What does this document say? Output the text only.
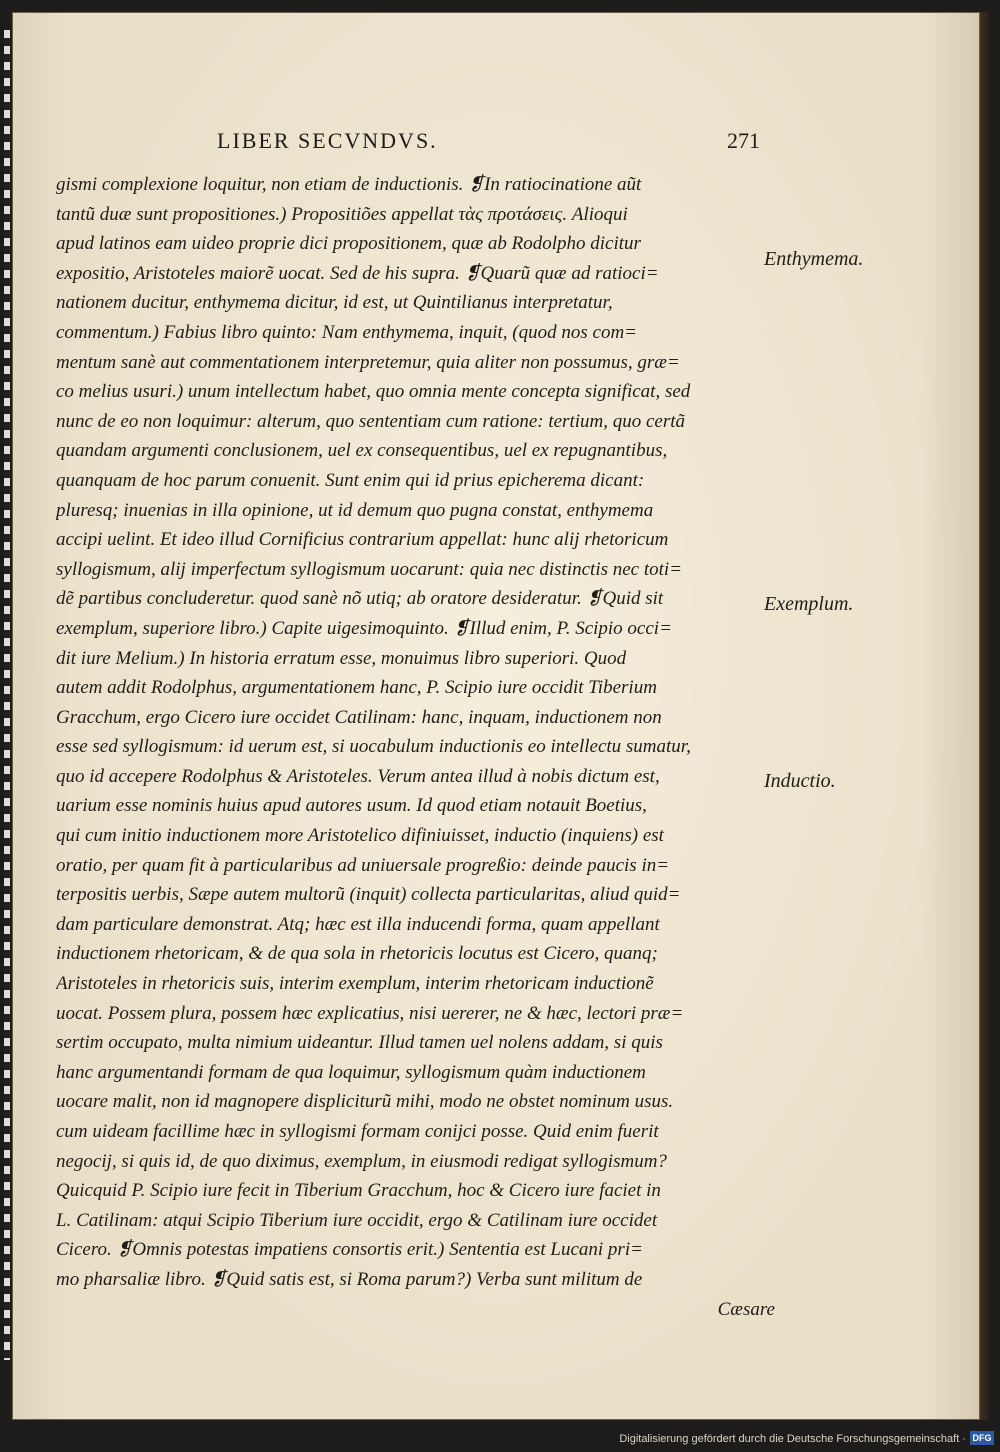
LIBER SECVNDVS.	271
gismi complexione loquitur, non etiam de inductionis. ❡In ratiocinatione aũt
tantũ duæ sunt propositiones.) Propositiões appellat τὰς προτάσεις. Alioqui
apud latinos eam uideo proprie dici propositionem, quæ ab Rodolpho dicitur
expositio, Aristoteles maiorẽ uocat. Sed de his supra. ❡Quarũ quæ ad ratioci=
nationem ducitur, enthymema dicitur, id est, ut Quintilianus interpretatur,
commentum.) Fabius libro quinto: Nam enthymema, inquit, (quod nos com=
mentum sanè aut commentationem interpretemur, quia aliter non possumus, græ=
co melius usuri.) unum intellectum habet, quo omnia mente concepta significat, sed
nunc de eo non loquimur: alterum, quo sententiam cum ratione: tertium, quo certã
quandam argumenti conclusionem, uel ex consequentibus, uel ex repugnantibus,
quanquam de hoc parum conuenit. Sunt enim qui id prius epicherema dicant:
pluresq; inuenias in illa opinione, ut id demum quo pugna constat, enthymema
accipi uelint. Et ideo illud Cornificius contrarium appellat: hunc alij rhetoricum
syllogismum, alij imperfectum syllogismum uocarunt: quia nec distinctis nec toti=
dẽ partibus concluderetur. quod sanè nõ utiq; ab oratore desideratur. ❡Quid sit
exemplum, superiore libro.) Capite uigesimoquinto. ❡Illud enim, P. Scipio occi=
dit iure Melium.) In historia erratum esse, monuimus libro superiori. Quod
autem addit Rodolphus, argumentationem hanc, P. Scipio iure occidit Tiberium
Gracchum, ergo Cicero iure occidet Catilinam: hanc, inquam, inductionem non
esse sed syllogismum: id uerum est, si uocabulum inductionis eo intellectu sumatur,
quo id accepere Rodolphus & Aristoteles. Verum antea illud à nobis dictum est,
uarium esse nominis huius apud autores usum. Id quod etiam notauit Boetius,
qui cum initio inductionem more Aristotelico difiniuisset, inductio (inquiens) est
oratio, per quam fit à particularibus ad uniuersale progreßio: deinde paucis in=
terpositis uerbis, Sæpe autem multorũ (inquit) collecta particularitas, aliud quid=
dam particulare demonstrat. Atq; hæc est illa inducendi forma, quam appellant
inductionem rhetoricam, & de qua sola in rhetoricis locutus est Cicero, quanq;
Aristoteles in rhetoricis suis, interim exemplum, interim rhetoricam inductionẽ
uocat. Possem plura, possem hæc explicatius, nisi uererer, ne & hæc, lectori præ=
sertim occupato, multa nimium uideantur. Illud tamen uel nolens addam, si quis
hanc argumentandi formam de qua loquimur, syllogismum quàm inductionem
uocare malit, non id magnopere displiciturũ mihi, modo ne obstet nominum usus.
cum uideam facillime hæc in syllogismi formam conijci posse. Quid enim fuerit
negocij, si quis id, de quo diximus, exemplum, in eiusmodi redigat syllogismum?
Quicquid P. Scipio iure fecit in Tiberium Gracchum, hoc & Cicero iure faciet in
L. Catilinam: atqui Scipio Tiberium iure occidit, ergo & Catilinam iure occidet
Cicero. ❡Omnis potestas impatiens consortis erit.) Sententia est Lucani pri=
mo pharsaliæ libro. ❡Quid satis est, si Roma parum?) Verba sunt militum de
Cæsare
Enthymema.
Exemplum.
Inductio.
Digitalisierung gefördert durch die Deutsche Forschungsgemeinschaft · DFG
